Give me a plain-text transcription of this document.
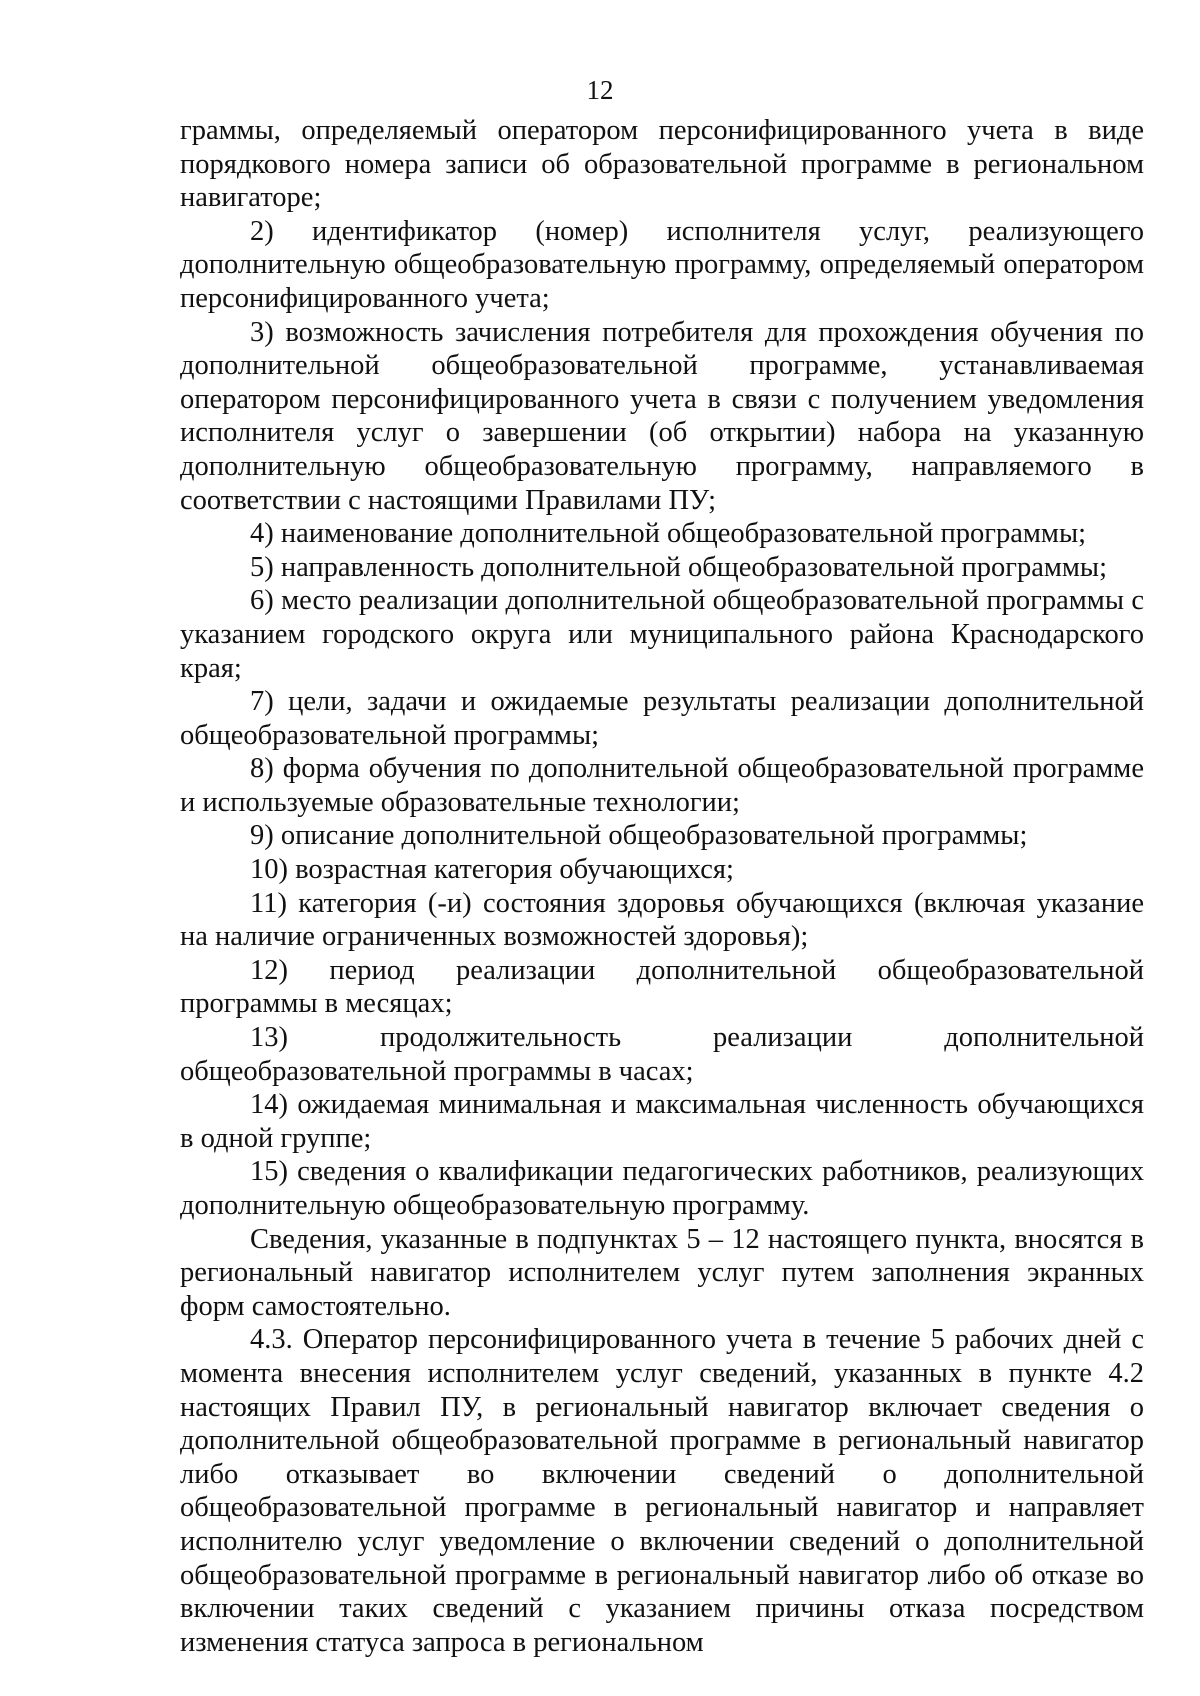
12

граммы, определяемый оператором персонифицированного учета в виде порядкового номера записи об образовательной программе в региональном навигаторе;

2) идентификатор (номер) исполнителя услуг, реализующего дополнительную общеобразовательную программу, определяемый оператором персонифицированного учета;

3) возможность зачисления потребителя для прохождения обучения по дополнительной общеобразовательной программе, устанавливаемая оператором персонифицированного учета в связи с получением уведомления исполнителя услуг о завершении (об открытии) набора на указанную дополнительную общеобразовательную программу, направляемого в соответствии с настоящими Правилами ПУ;

4) наименование дополнительной общеобразовательной программы;

5) направленность дополнительной общеобразовательной программы;

6) место реализации дополнительной общеобразовательной программы с указанием городского округа или муниципального района Краснодарского края;

7) цели, задачи и ожидаемые результаты реализации дополнительной общеобразовательной программы;

8) форма обучения по дополнительной общеобразовательной программе и используемые образовательные технологии;

9) описание дополнительной общеобразовательной программы;

10) возрастная категория обучающихся;

11) категория (-и) состояния здоровья обучающихся (включая указание на наличие ограниченных возможностей здоровья);

12) период реализации дополнительной общеобразовательной программы в месяцах;

13) продолжительность реализации дополнительной общеобразовательной программы в часах;

14) ожидаемая минимальная и максимальная численность обучающихся в одной группе;

15) сведения о квалификации педагогических работников, реализующих дополнительную общеобразовательную программу.

Сведения, указанные в подпунктах 5 – 12 настоящего пункта, вносятся в региональный навигатор исполнителем услуг путем заполнения экранных форм самостоятельно.

4.3. Оператор персонифицированного учета в течение 5 рабочих дней с момента внесения исполнителем услуг сведений, указанных в пункте 4.2 настоящих Правил ПУ, в региональный навигатор включает сведения о дополнительной общеобразовательной программе в региональный навигатор либо отказывает во включении сведений о дополнительной общеобразовательной программе в региональный навигатор и направляет исполнителю услуг уведомление о включении сведений о дополнительной общеобразовательной программе в региональный навигатор либо об отказе во включении таких сведений с указанием причины отказа посредством изменения статуса запроса в региональном
